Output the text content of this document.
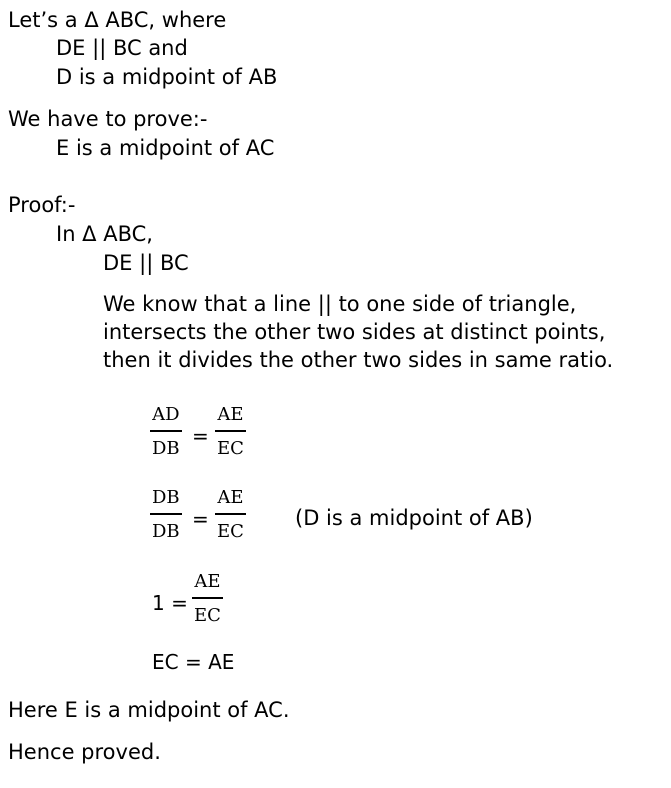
Let’s a Δ ABC, where
DE || BC and
D is a midpoint of AB
We have to prove:-
E is a midpoint of AC
Proof:-
In Δ ABC,
DE || BC
We know that a line || to one side of triangle,
intersects the other two sides at distinct points,
then it divides the other two sides in same ratio.
AD
DB
=
AE
EC
DB
DB
=
AE
EC
(D is a midpoint of AB)
1 =
AE
EC
EC = AE
Here E is a midpoint of AC.
Hence proved.
